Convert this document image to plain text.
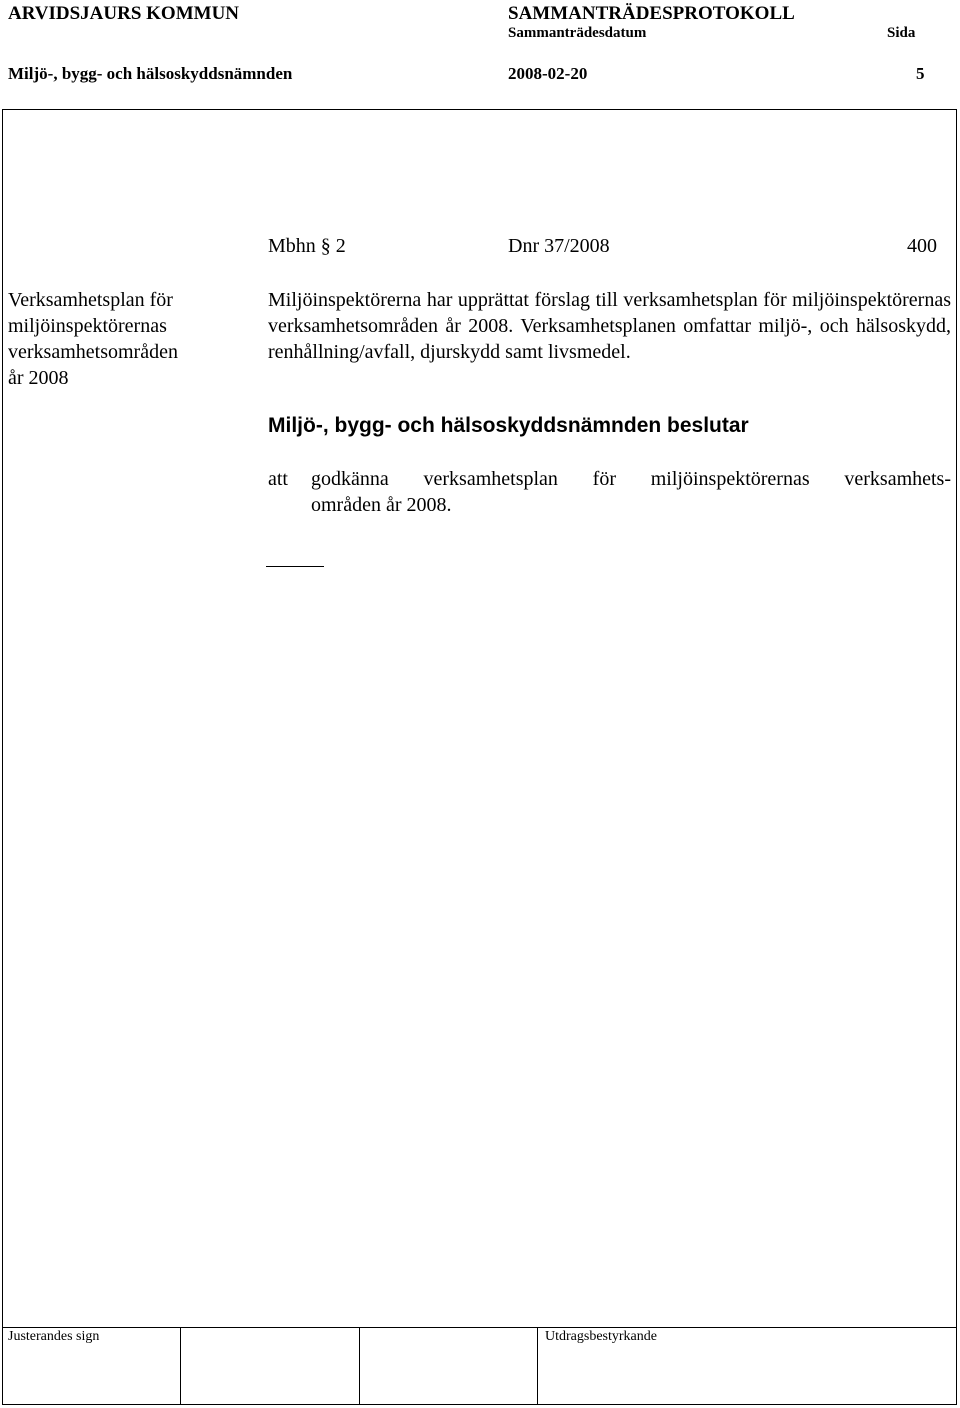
ARVIDSJAURS KOMMUN	SAMMANTRÄDESPROTOKOLL
Sammanträdesdatum	Sida
Miljö-, bygg- och hälsoskyddsnämnden	2008-02-20	5
Mbhn § 2	Dnr 37/2008	400
Verksamhetsplan för
miljöinspektörernas
verksamhetsområden
år 2008
Miljöinspektörerna har upprättat förslag till verksamhetsplan för miljöinspektörernas verksamhetsområden år 2008. Verksamhetsplanen omfattar miljö-, och hälsoskydd, renhållning/avfall, djurskydd samt livsmedel.
Miljö-, bygg- och hälsoskyddsnämnden beslutar
att godkänna verksamhetsplan för miljöinspektörernas verksamhets-
områden år 2008.
Justerandes sign	Utdragsbestyrkande
